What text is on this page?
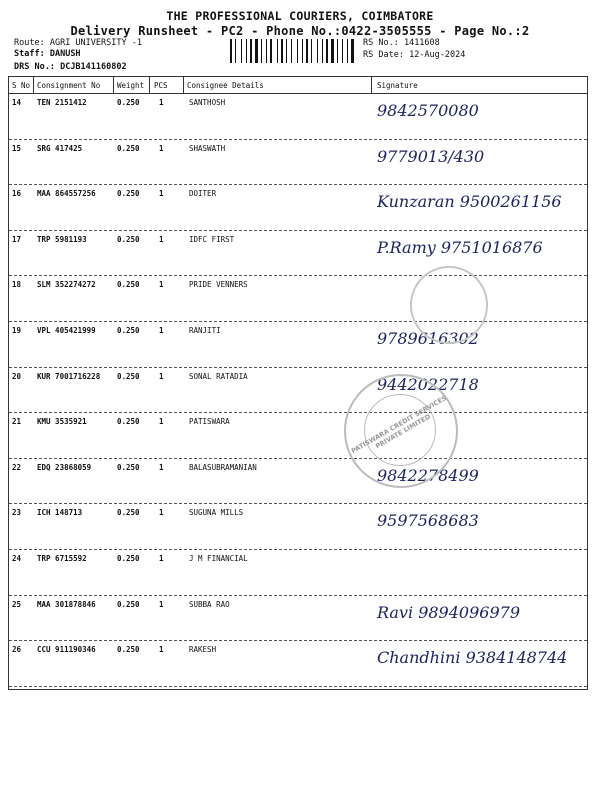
THE PROFESSIONAL COURIERS, COIMBATORE
Delivery Runsheet - PC2 - Phone No.:0422-3505555 - Page No.:2
Route: AGRI UNIVERSITY -1
Staff: DANUSH
DRS No.: DCJB141160802
RS No.: 1411608
RS Date: 12-Aug-2024
S No Consignment No Weight PCS	Consignee Details	Signature
14 TEN 2151412	0.250	1	SANTHOSH	9842570080
15 SRG 417425	0.250	1	SHASWATH	9779013/430
16 MAA 864557256	0.250	1	DOITER	Kunzaran 9500261156
17 TRP 5981193	0.250	1	IDFC FIRST	P.Ramy 9751016876
18 SLM 352274272	0.250	1	PRIDE VENNERS
19 VPL 405421999	0.250	1	RANJITI	9789616302
20 KUR 7001716228 0.250	1	SONAL RATADIA	9442022718
21 KMU 3535921	0.250	1	PATISWARA
22 EDQ 23868059	0.250	1	BALASUBRAMANIAN	9842278499
23 ICH 148713	0.250	1	SUGUNA MILLS	9597568683
24 TRP 6715592	0.250	1	J M FINANCIAL
25 MAA 301878846	0.250	1	SUBBA RAO	Ravi 9894096979
26 CCU 911190346	0.250	1	RAKESH	Chandhini 9384148744
PATISWARA CREDIT SERVICES PRIVATE LIMITED
